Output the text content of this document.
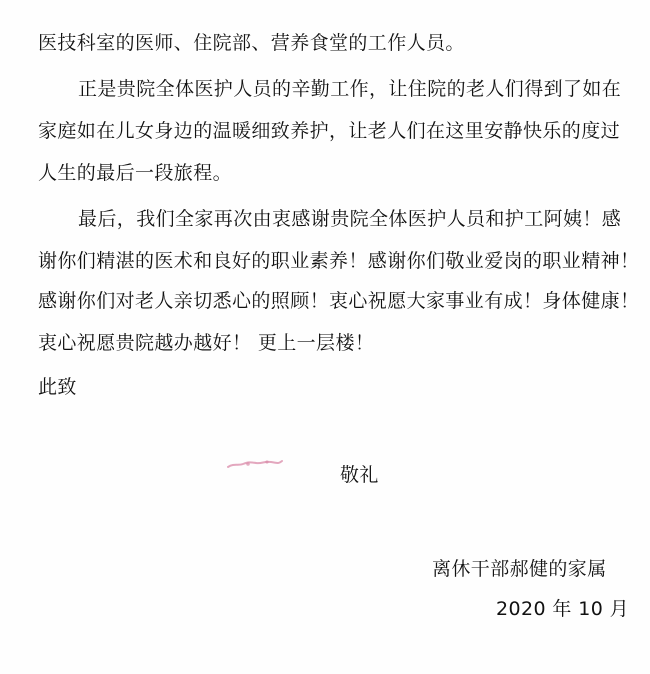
医技科室的医师、住院部、营养食堂的工作人员。
正是贵院全体医护人员的辛勤工作，让住院的老人们得到了如在
家庭如在儿女身边的温暖细致养护，让老人们在这里安静快乐的度过
人生的最后一段旅程。
最后，我们全家再次由衷感谢贵院全体医护人员和护工阿姨！感
谢你们精湛的医术和良好的职业素养！感谢你们敬业爱岗的职业精神！
感谢你们对老人亲切悉心的照顾！衷心祝愿大家事业有成！身体健康！
衷心祝愿贵院越办越好！ 更上一层楼！
此致
敬礼
离休干部郝健的家属
2020 年 10 月
